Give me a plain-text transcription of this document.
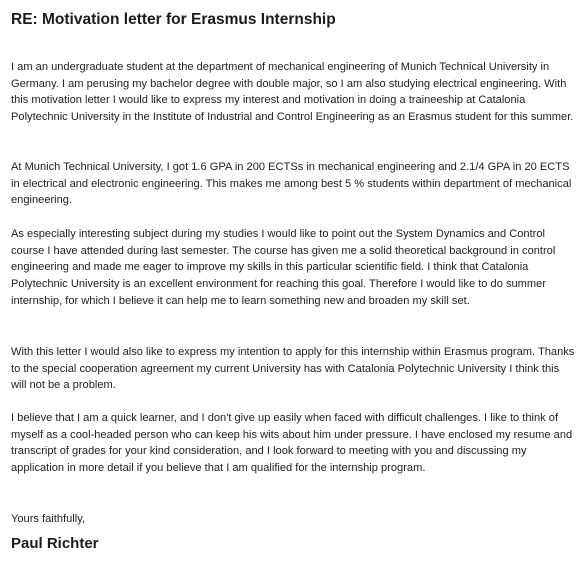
RE: Motivation letter for Erasmus Internship

I am an undergraduate student at the department of mechanical engineering of Munich Technical University in Germany. I am perusing my bachelor degree with double major, so I am also studying electrical engineering. With this motivation letter I would like to express my interest and motivation in doing a traineeship at Catalonia Polytechnic University in the Institute of Industrial and Control Engineering as an Erasmus student for this summer.

At Munich Technical University, I got 1.6 GPA in 200 ECTSs in mechanical engineering and 2.1/4 GPA in 20 ECTS in electrical and electronic engineering. This makes me among best 5 % students within department of mechanical engineering.

As especially interesting subject during my studies I would like to point out the System Dynamics and Control course I have attended during last semester. The course has given me a solid theoretical background in control engineering and made me eager to improve my skills in this particular scientific field. I think that Catalonia Polytechnic University is an excellent environment for reaching this goal. Therefore I would like to do summer internship, for which I believe it can help me to learn something new and broaden my skill set.

With this letter I would also like to express my intention to apply for this internship within Erasmus program. Thanks to the special cooperation agreement my current University has with Catalonia Polytechnic University I think this will not be a problem.

I believe that I am a quick learner, and I don't give up easily when faced with difficult challenges. I like to think of myself as a cool-headed person who can keep his wits about him under pressure. I have enclosed my resume and transcript of grades for your kind consideration, and I look forward to meeting with you and discussing my application in more detail if you believe that I am qualified for the internship program.

Yours faithfully,

Paul Richter
